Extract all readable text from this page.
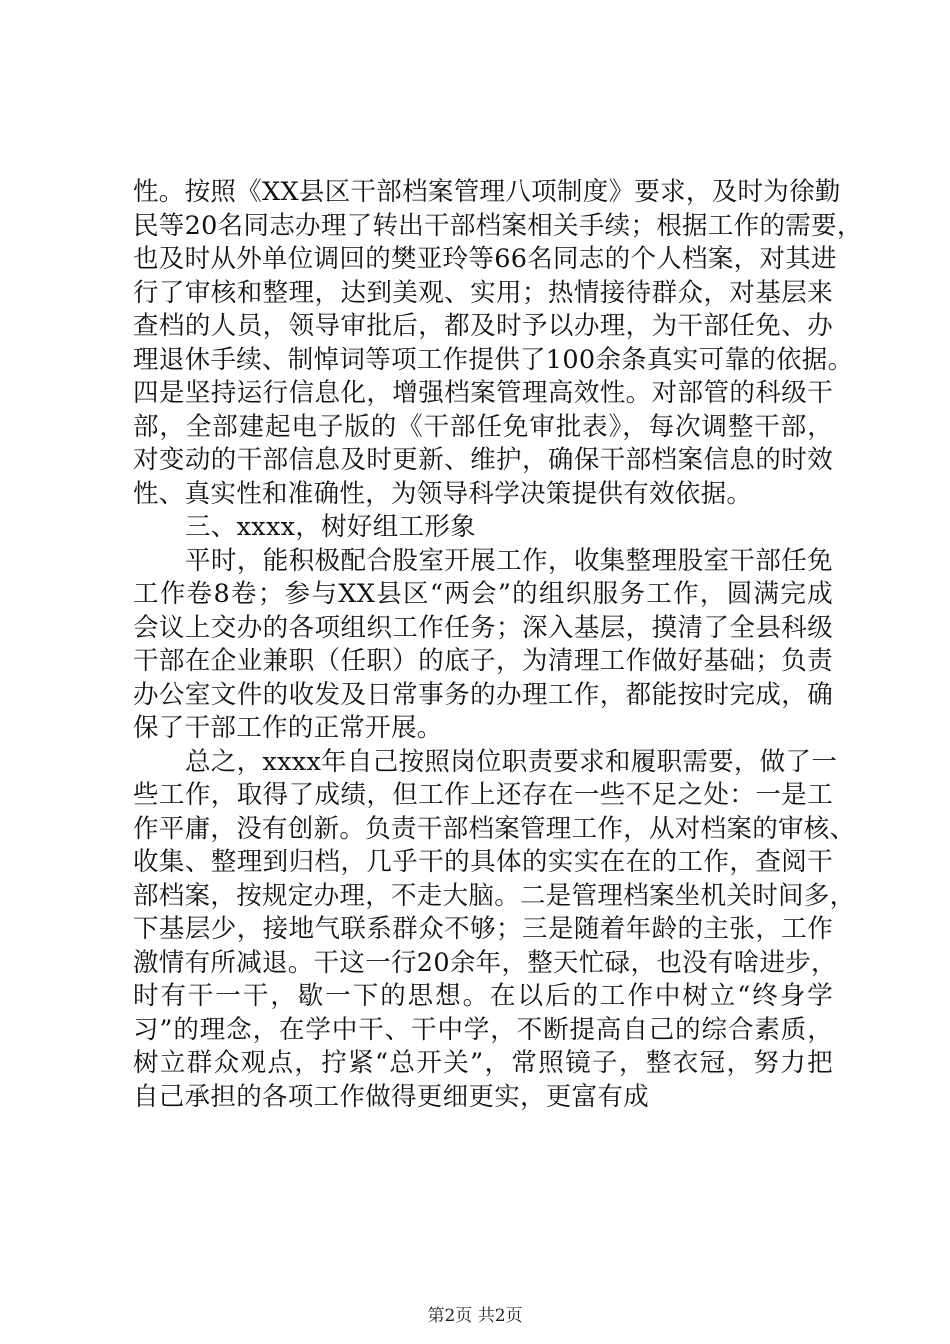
性。按照《XX县区干部档案管理八项制度》要求，及时为徐勤
民等20名同志办理了转出干部档案相关手续；根据工作的需要，
也及时从外单位调回的樊亚玲等66名同志的个人档案，对其进
行了审核和整理，达到美观、实用；热情接待群众，对基层来
查档的人员，领导审批后，都及时予以办理，为干部任免、办
理退休手续、制悼词等项工作提供了100余条真实可靠的依据。
四是坚持运行信息化，增强档案管理高效性。对部管的科级干
部，全部建起电子版的《干部任免审批表》，每次调整干部，
对变动的干部信息及时更新、维护，确保干部档案信息的时效
性、真实性和准确性，为领导科学决策提供有效依据。
三、xxxx，树好组工形象
平时，能积极配合股室开展工作，收集整理股室干部任免
工作卷8卷；参与XX县区“两会”的组织服务工作，圆满完成
会议上交办的各项组织工作任务；深入基层，摸清了全县科级
干部在企业兼职（任职）的底子，为清理工作做好基础；负责
办公室文件的收发及日常事务的办理工作，都能按时完成，确
保了干部工作的正常开展。
总之，xxxx年自己按照岗位职责要求和履职需要，做了一
些工作，取得了成绩，但工作上还存在一些不足之处：一是工
作平庸，没有创新。负责干部档案管理工作，从对档案的审核、
收集、整理到归档，几乎干的具体的实实在在的工作，查阅干
部档案，按规定办理，不走大脑。二是管理档案坐机关时间多，
下基层少，接地气联系群众不够；三是随着年龄的主张，工作
激情有所减退。干这一行20余年，整天忙碌，也没有啥进步，
时有干一干，歇一下的思想。在以后的工作中树立“终身学
习”的理念，在学中干、干中学，不断提高自己的综合素质，
树立群众观点，拧紧“总开关”，常照镜子，整衣冠，努力把
自己承担的各项工作做得更细更实，更富有成
第2页 共2页
